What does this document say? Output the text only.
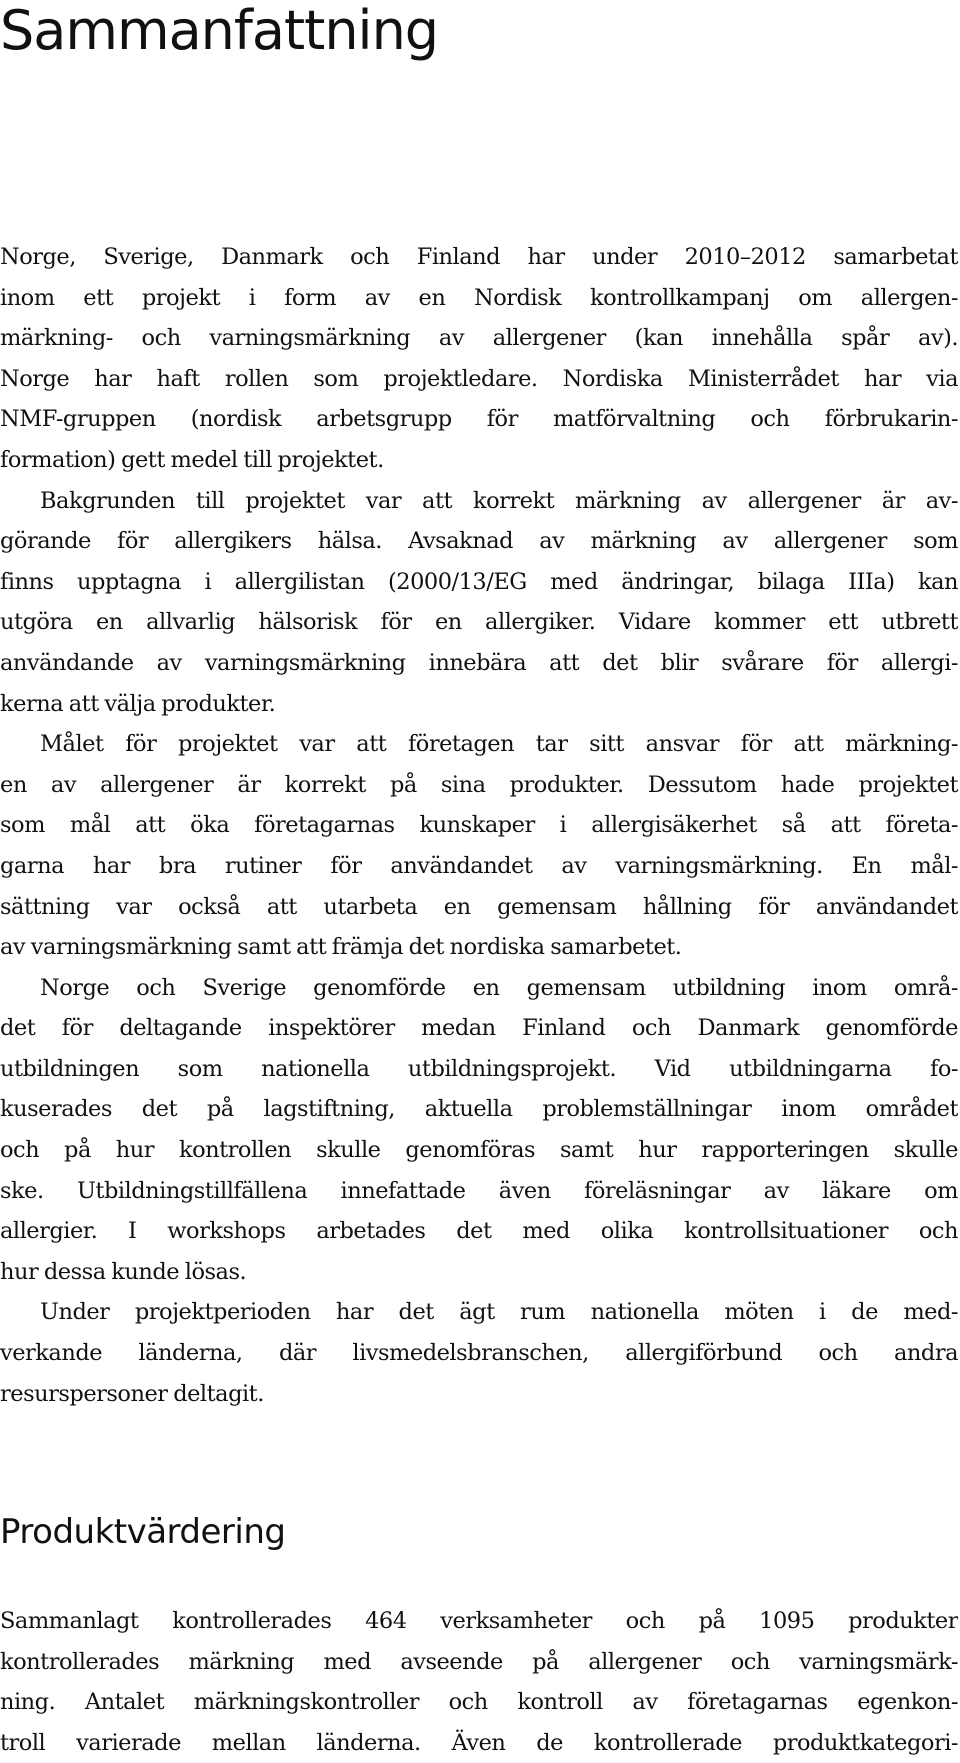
Sammanfattning
Norge, Sverige, Danmark och Finland har under 2010–2012 samarbetat
inom ett projekt i form av en Nordisk kontrollkampanj om allergen-
märkning- och varningsmärkning av allergener (kan innehålla spår av).
Norge har haft rollen som projektledare. Nordiska Ministerrådet har via
NMF-gruppen (nordisk arbetsgrupp för matförvaltning och förbrukarin-
formation) gett medel till projektet.
Bakgrunden till projektet var att korrekt märkning av allergener är av-
görande för allergikers hälsa. Avsaknad av märkning av allergener som
finns upptagna i allergilistan (2000/13/EG med ändringar, bilaga IIIa) kan
utgöra en allvarlig hälsorisk för en allergiker. Vidare kommer ett utbrett
användande av varningsmärkning innebära att det blir svårare för allergi-
kerna att välja produkter.
Målet för projektet var att företagen tar sitt ansvar för att märkning-
en av allergener är korrekt på sina produkter. Dessutom hade projektet
som mål att öka företagarnas kunskaper i allergisäkerhet så att företa-
garna har bra rutiner för användandet av varningsmärkning. En mål-
sättning var också att utarbeta en gemensam hållning för användandet
av varningsmärkning samt att främja det nordiska samarbetet.
Norge och Sverige genomförde en gemensam utbildning inom områ-
det för deltagande inspektörer medan Finland och Danmark genomförde
utbildningen som nationella utbildningsprojekt. Vid utbildningarna fo-
kuserades det på lagstiftning, aktuella problemställningar inom området
och på hur kontrollen skulle genomföras samt hur rapporteringen skulle
ske. Utbildningstillfällena innefattade även föreläsningar av läkare om
allergier. I workshops arbetades det med olika kontrollsituationer och
hur dessa kunde lösas.
Under projektperioden har det ägt rum nationella möten i de med-
verkande länderna, där livsmedelsbranschen, allergiförbund och andra
resurspersoner deltagit.
Produktvärdering
Sammanlagt kontrollerades 464 verksamheter och på 1095 produkter
kontrollerades märkning med avseende på allergener och varningsmärk-
ning. Antalet märkningskontroller och kontroll av företagarnas egenkon-
troll varierade mellan länderna. Även de kontrollerade produktkategori-
